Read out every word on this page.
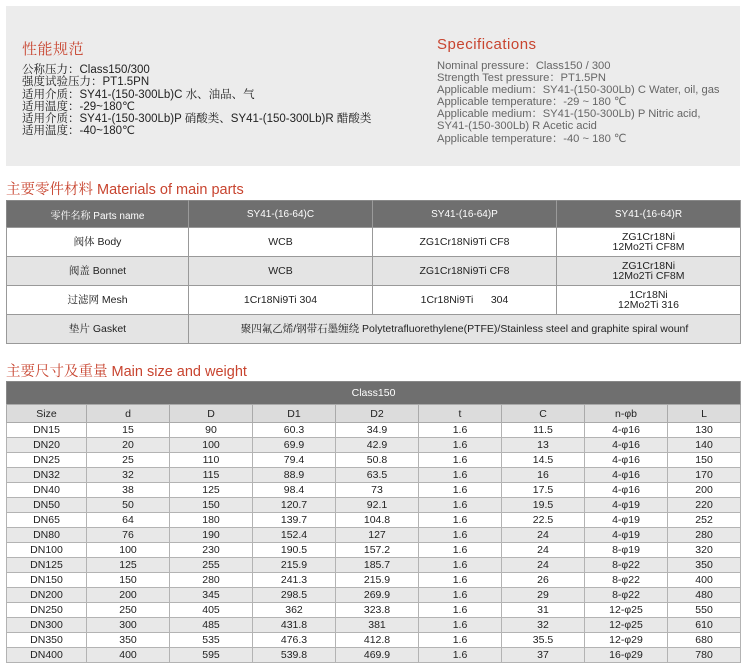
性能规范
公称压力：Class150/300
强度试验压力：PT1.5PN
适用介质：SY41-(150-300Lb)C 水、油品、气
适用温度：-29~180℃
适用介质：SY41-(150-300Lb)P 硝酸类、SY41-(150-300Lb)R 醋酸类
适用温度：-40~180℃
Specifications
Nominal pressure：Class150 / 300
Strength Test pressure：PT1.5PN
Applicable medium：SY41-(150-300Lb) C Water, oil, gas
Applicable temperature：-29 ~ 180 ℃
Applicable medium：SY41-(150-300Lb) P Nitric acid,
SY41-(150-300Lb) R Acetic acid
Applicable temperature：-40 ~ 180 ℃
主要零件材料 Materials of main parts
零件名称 Parts name	SY41-(16-64)C	SY41-(16-64)P	SY41-(16-64)R
阀体 Body	WCB	ZG1Cr18Ni9Ti CF8	ZG1Cr18Ni
12Mo2Ti CF8M

阀盖 Bonnet	WCB	ZG1Cr18Ni9Ti CF8	ZG1Cr18Ni
12Mo2Ti CF8M

过滤网 Mesh	1Cr18Ni9Ti 304	1Cr18Ni9Ti      304	1Cr18Ni
12Mo2Ti 316

垫片 Gasket	聚四氟乙烯/钢带石墨缠绕 Polytetrafluorethylene(PTFE)/Stainless steel and graphite spiral wounf		
主要尺寸及重量 Main size and weight
Class150								
Size	d	D	D1	D2	t	C	n-φb	L
DN15	15	90	60.3	34.9	1.6	11.5	4-φ16	130
DN20	20	100	69.9	42.9	1.6	13	4-φ16	140
DN25	25	110	79.4	50.8	1.6	14.5	4-φ16	150
DN32	32	115	88.9	63.5	1.6	16	4-φ16	170
DN40	38	125	98.4	73	1.6	17.5	4-φ16	200
DN50	50	150	120.7	92.1	1.6	19.5	4-φ19	220
DN65	64	180	139.7	104.8	1.6	22.5	4-φ19	252
DN80	76	190	152.4	127	1.6	24	4-φ19	280
DN100	100	230	190.5	157.2	1.6	24	8-φ19	320
DN125	125	255	215.9	185.7	1.6	24	8-φ22	350
DN150	150	280	241.3	215.9	1.6	26	8-φ22	400
DN200	200	345	298.5	269.9	1.6	29	8-φ22	480
DN250	250	405	362	323.8	1.6	31	12-φ25	550
DN300	300	485	431.8	381	1.6	32	12-φ25	610
DN350	350	535	476.3	412.8	1.6	35.5	12-φ29	680
DN400	400	595	539.8	469.9	1.6	37	16-φ29	780
